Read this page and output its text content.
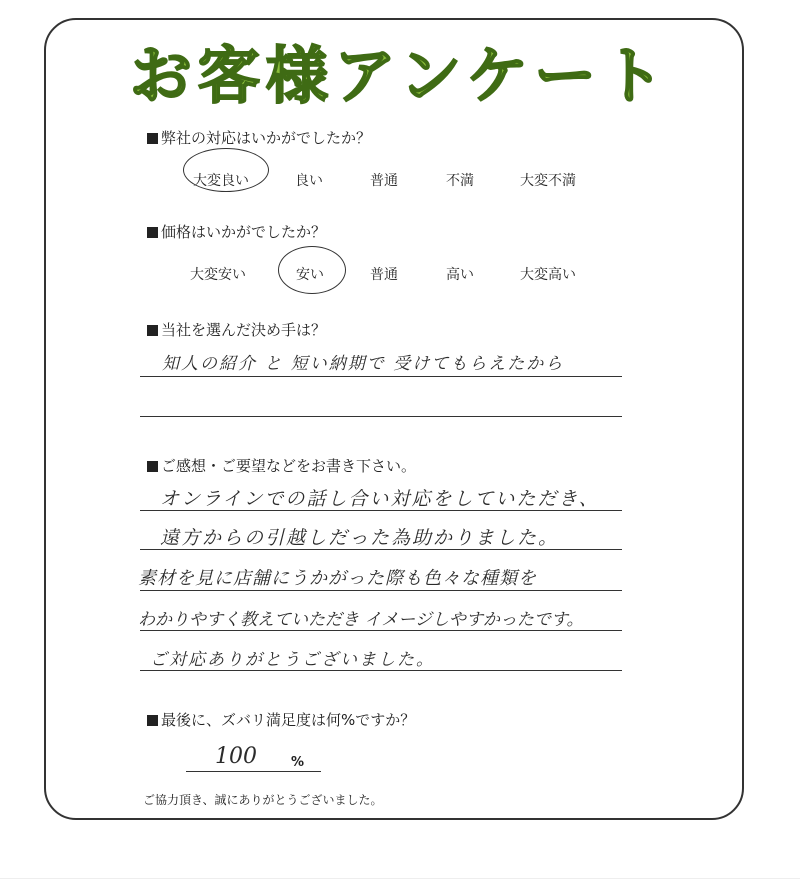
お客様アンケート
弊社の対応はいかがでしたか？
大変良い	良い	普通	不満	大変不満
価格はいかがでしたか？
大変安い	安い	普通	高い	大変高い
当社を選んだ決め手は？
知人の紹介 と 短い納期で 受けてもらえたから
ご感想・ご要望などをお書き下さい。
オンラインでの話し合い対応をしていただき、
遠方からの引越しだった為助かりました。
素材を見に店舗にうかがった際も色々な種類を
わかりやすく教えていただき イメージしやすかったです。
ご対応ありがとうございました。
最後に、ズバリ満足度は何%ですか？
100	%
ご協力頂き、誠にありがとうございました。
